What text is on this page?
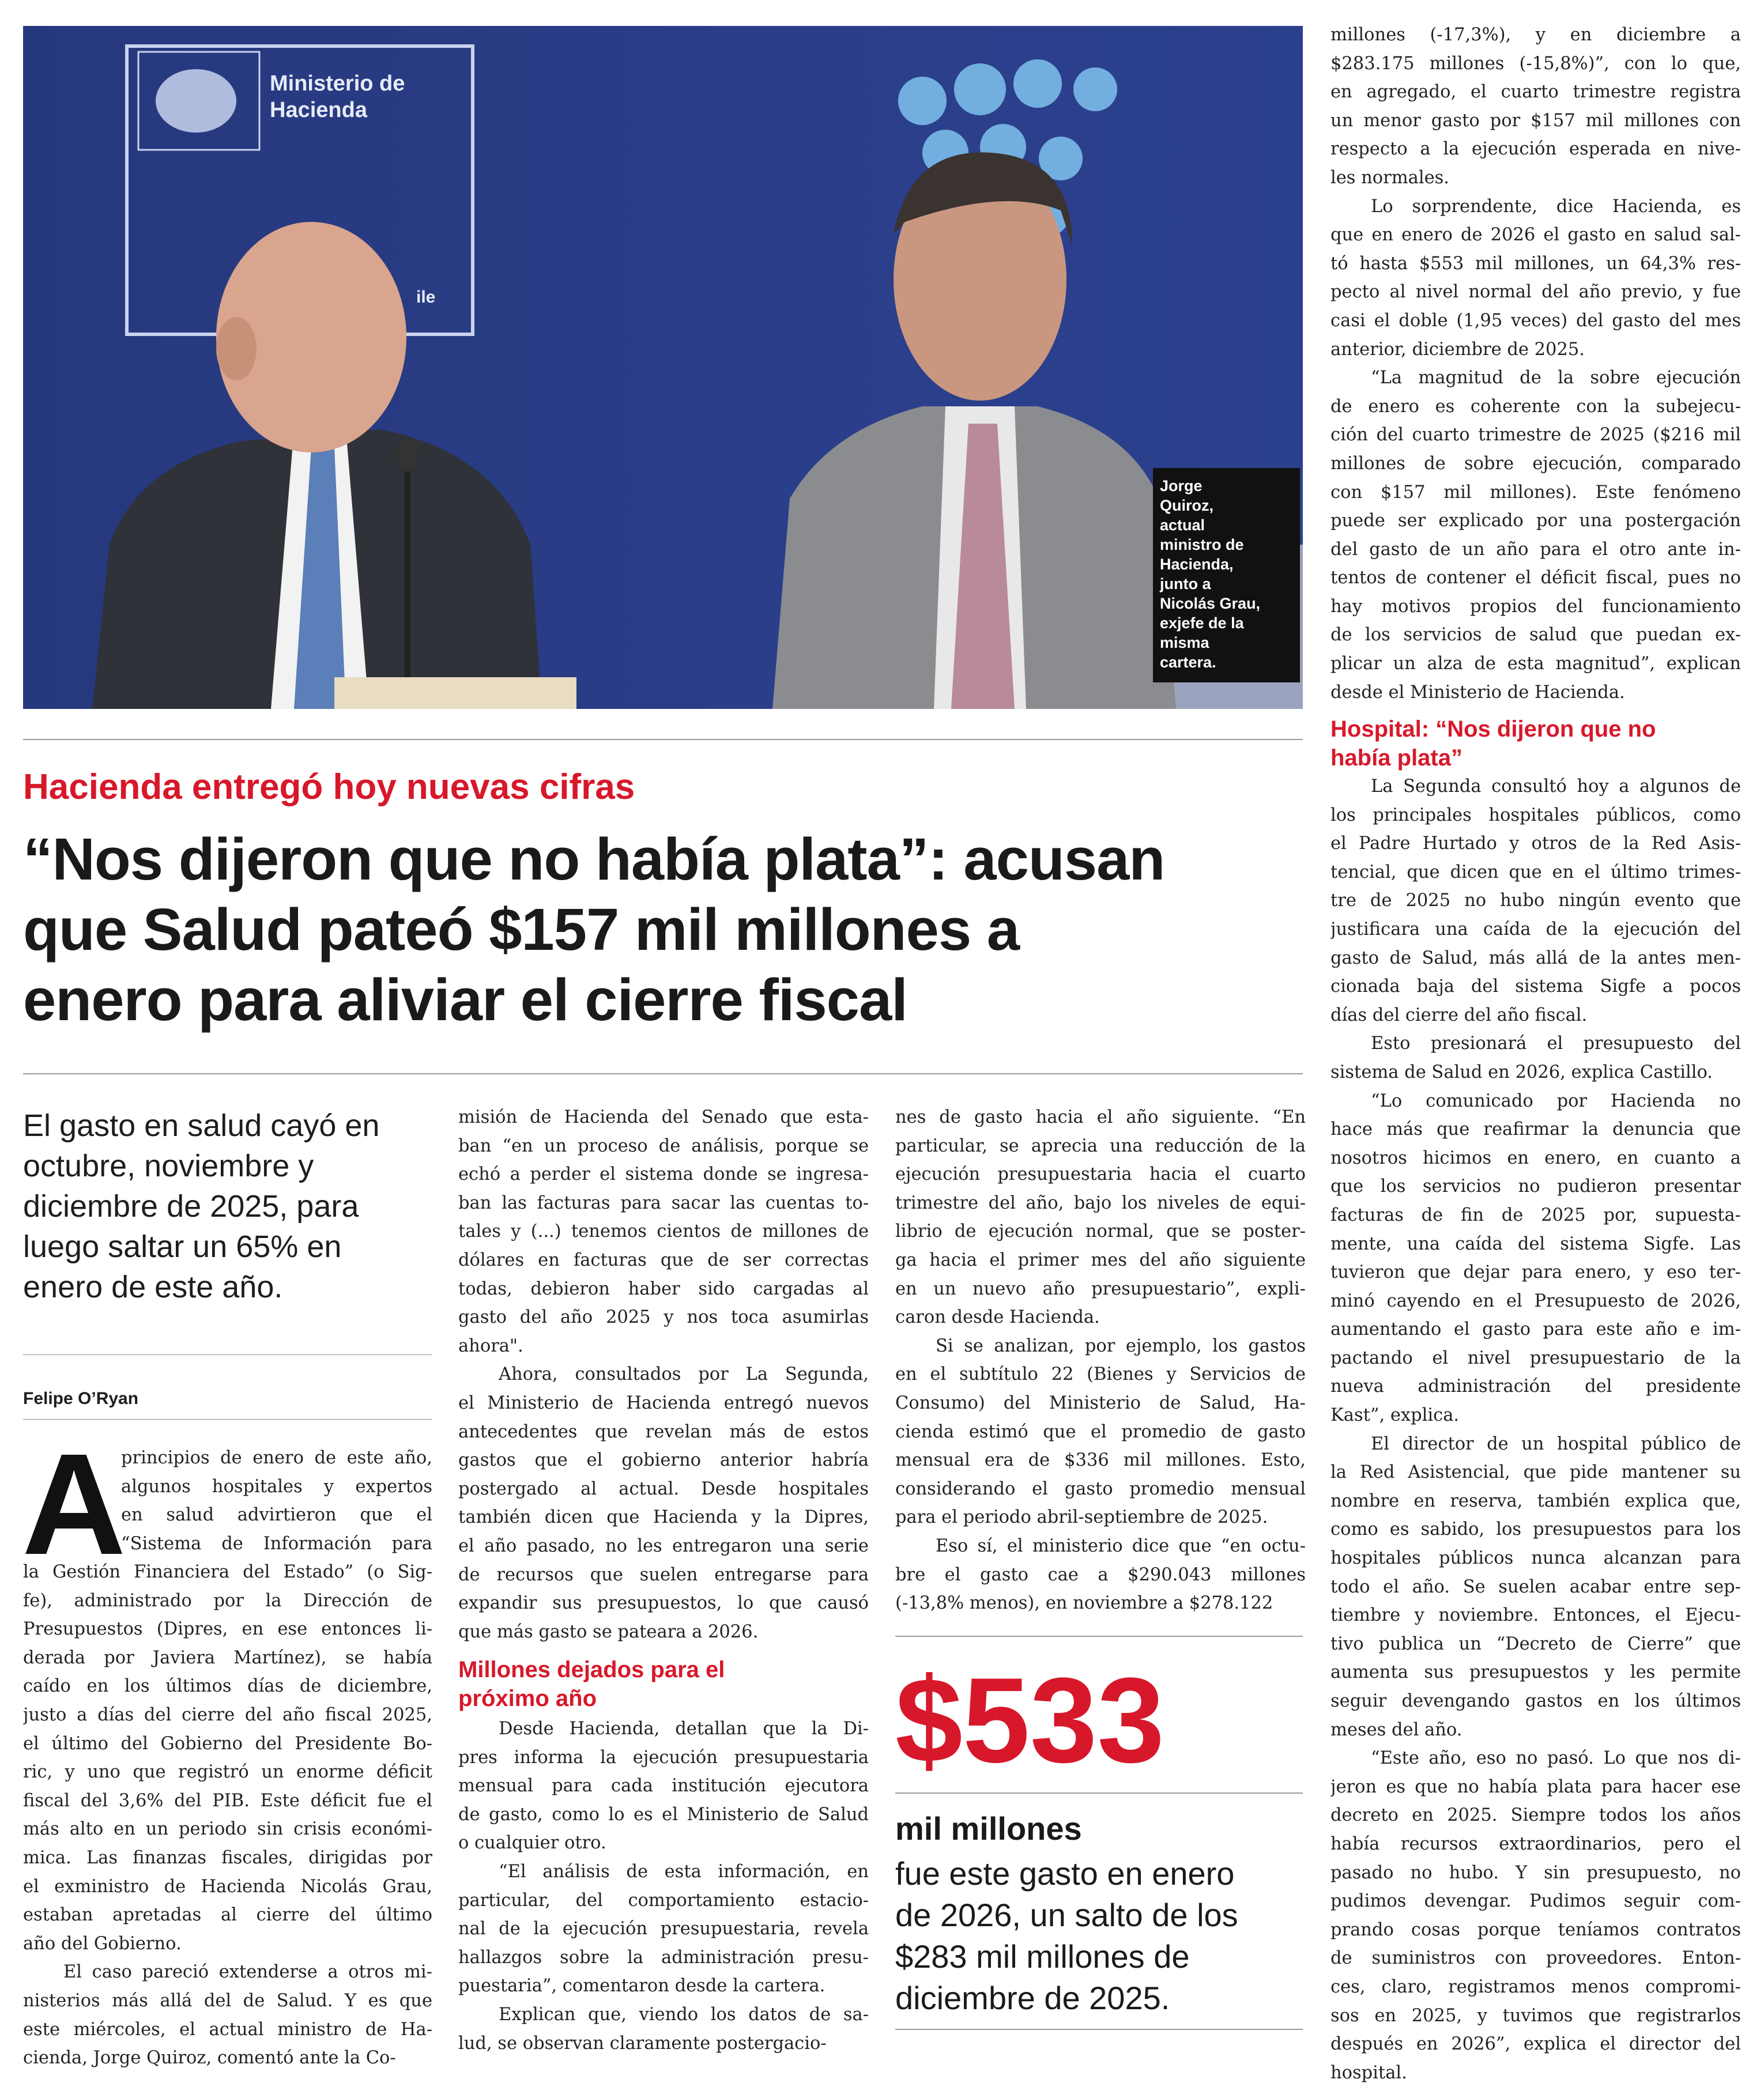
Ministerio de
Hacienda
ile
Jorge
Quiroz,
actual
ministro de
Hacienda,
junto a
Nicolás Grau,
exjefe de la
misma
cartera.
Hacienda entregó hoy nuevas cifras
“Nos dijeron que no había plata”: acusan
que Salud pateó $157 mil millones a
enero para aliviar el cierre fiscal
El gasto en salud cayó en
octubre, noviembre y
diciembre de 2025, para
luego saltar un 65% en
enero de este año.
Felipe O’Ryan
A
principios de enero de este año,
algunos hospitales y expertos
en salud advirtieron que el
“Sistema de Información para
la Gestión Financiera del Estado” (o Sig-
fe), administrado por la Dirección de
Presupuestos (Dipres, en ese entonces li-
derada por Javiera Martínez), se había
caído en los últimos días de diciembre,
justo a días del cierre del año fiscal 2025,
el último del Gobierno del Presidente Bo-
ric, y uno que registró un enorme déficit
fiscal del 3,6% del PIB. Este déficit fue el
más alto en un periodo sin crisis económi-
mica. Las finanzas fiscales, dirigidas por
el exministro de Hacienda Nicolás Grau,
estaban apretadas al cierre del último
año del Gobierno.
El caso pareció extenderse a otros mi-
nisterios más allá del de Salud. Y es que
este miércoles, el actual ministro de Ha-
cienda, Jorge Quiroz, comentó ante la Co-
misión de Hacienda del Senado que esta-
ban “en un proceso de análisis, porque se
echó a perder el sistema donde se ingresa-
ban las facturas para sacar las cuentas to-
tales y (...) tenemos cientos de millones de
dólares en facturas que de ser correctas
todas, debieron haber sido cargadas al
gasto del año 2025 y nos toca asumirlas
ahora".
Ahora, consultados por La Segunda,
el Ministerio de Hacienda entregó nuevos
antecedentes que revelan más de estos
gastos que el gobierno anterior habría
postergado al actual. Desde hospitales
también dicen que Hacienda y la Dipres,
el año pasado, no les entregaron una serie
de recursos que suelen entregarse para
expandir sus presupuestos, lo que causó
que más gasto se pateara a 2026.
Millones dejados para el
próximo año
Desde Hacienda, detallan que la Di-
pres informa la ejecución presupuestaria
mensual para cada institución ejecutora
de gasto, como lo es el Ministerio de Salud
o cualquier otro.
“El análisis de esta información, en
particular, del comportamiento estacio-
nal de la ejecución presupuestaria, revela
hallazgos sobre la administración presu-
puestaria”, comentaron desde la cartera.
Explican que, viendo los datos de sa-
lud, se observan claramente postergacio-
nes de gasto hacia el año siguiente. “En
particular, se aprecia una reducción de la
ejecución presupuestaria hacia el cuarto
trimestre del año, bajo los niveles de equi-
librio de ejecución normal, que se poster-
ga hacia el primer mes del año siguiente
en un nuevo año presupuestario”, expli-
caron desde Hacienda.
Si se analizan, por ejemplo, los gastos
en el subtítulo 22 (Bienes y Servicios de
Consumo) del Ministerio de Salud, Ha-
cienda estimó que el promedio de gasto
mensual era de $336 mil millones. Esto,
considerando el gasto promedio mensual
para el periodo abril-septiembre de 2025.
Eso sí, el ministerio dice que “en octu-
bre el gasto cae a $290.043 millones
(-13,8% menos), en noviembre a $278.122
$533
mil millones
fue este gasto en enero
de 2026, un salto de los
$283 mil millones de
diciembre de 2025.
millones (-17,3%), y en diciembre a
$283.175 millones (-15,8%)”, con lo que,
en agregado, el cuarto trimestre registra
un menor gasto por $157 mil millones con
respecto a la ejecución esperada en nive-
les normales.
Lo sorprendente, dice Hacienda, es
que en enero de 2026 el gasto en salud sal-
tó hasta $553 mil millones, un 64,3% res-
pecto al nivel normal del año previo, y fue
casi el doble (1,95 veces) del gasto del mes
anterior, diciembre de 2025.
“La magnitud de la sobre ejecución
de enero es coherente con la subejecu-
ción del cuarto trimestre de 2025 ($216 mil
millones de sobre ejecución, comparado
con $157 mil millones). Este fenómeno
puede ser explicado por una postergación
del gasto de un año para el otro ante in-
tentos de contener el déficit fiscal, pues no
hay motivos propios del funcionamiento
de los servicios de salud que puedan ex-
plicar un alza de esta magnitud”, explican
desde el Ministerio de Hacienda.
Hospital: “Nos dijeron que no
había plata”
La Segunda consultó hoy a algunos de
los principales hospitales públicos, como
el Padre Hurtado y otros de la Red Asis-
tencial, que dicen que en el último trimes-
tre de 2025 no hubo ningún evento que
justificara una caída de la ejecución del
gasto de Salud, más allá de la antes men-
cionada baja del sistema Sigfe a pocos
días del cierre del año fiscal.
Esto presionará el presupuesto del
sistema de Salud en 2026, explica Castillo.
“Lo comunicado por Hacienda no
hace más que reafirmar la denuncia que
nosotros hicimos en enero, en cuanto a
que los servicios no pudieron presentar
facturas de fin de 2025 por, supuesta-
mente, una caída del sistema Sigfe. Las
tuvieron que dejar para enero, y eso ter-
minó cayendo en el Presupuesto de 2026,
aumentando el gasto para este año e im-
pactando el nivel presupuestario de la
nueva administración del presidente
Kast”, explica.
El director de un hospital público de
la Red Asistencial, que pide mantener su
nombre en reserva, también explica que,
como es sabido, los presupuestos para los
hospitales públicos nunca alcanzan para
todo el año. Se suelen acabar entre sep-
tiembre y noviembre. Entonces, el Ejecu-
tivo publica un “Decreto de Cierre” que
aumenta sus presupuestos y les permite
seguir devengando gastos en los últimos
meses del año.
“Este año, eso no pasó. Lo que nos di-
jeron es que no había plata para hacer ese
decreto en 2025. Siempre todos los años
había recursos extraordinarios, pero el
pasado no hubo. Y sin presupuesto, no
pudimos devengar. Pudimos seguir com-
prando cosas porque teníamos contratos
de suministros con proveedores. Enton-
ces, claro, registramos menos compromi-
sos en 2025, y tuvimos que registrarlos
después en 2026”, explica el director del
hospital.
